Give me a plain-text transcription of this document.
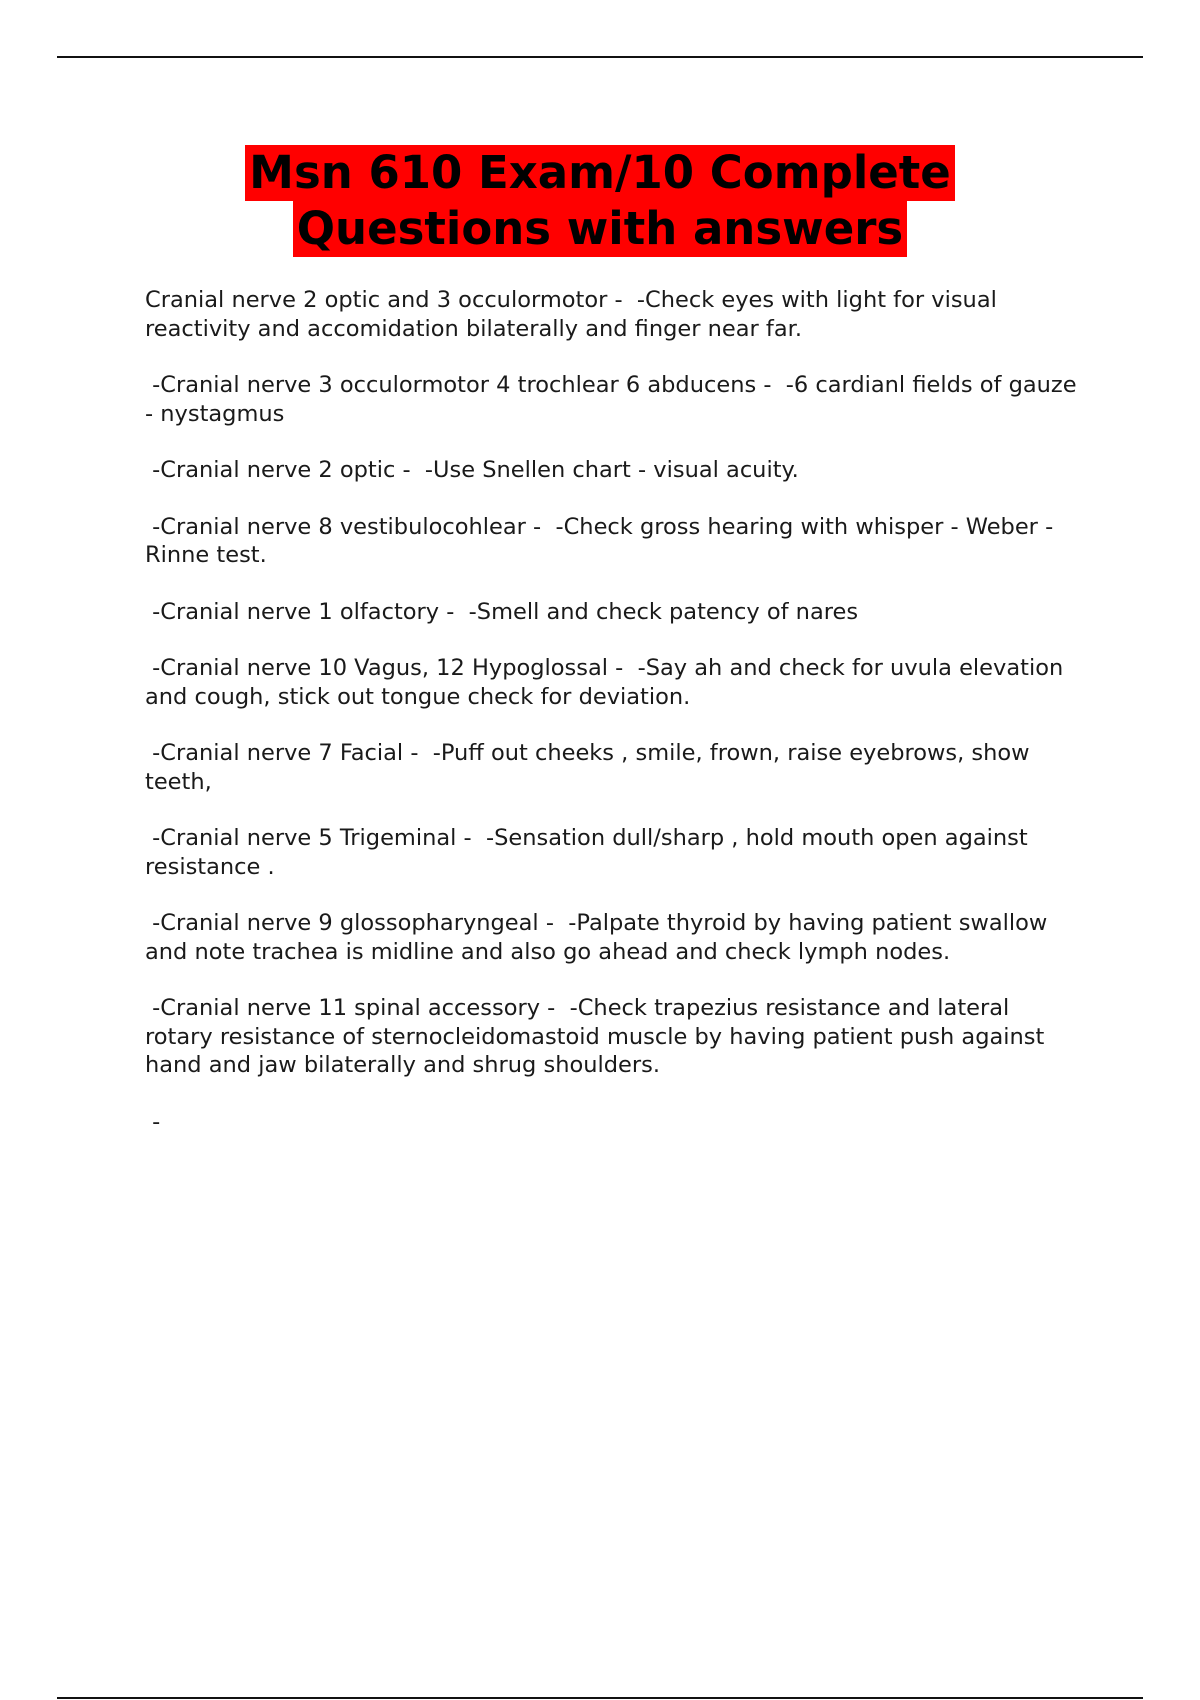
Msn 610 Exam/10 Complete
Questions with answers

Cranial nerve 2 optic and 3 occulormotor -  -Check eyes with light for visual reactivity and accomidation bilaterally and finger near far.

-Cranial nerve 3 occulormotor 4 trochlear 6 abducens -  -6 cardianl fields of gauze - nystagmus

-Cranial nerve 2 optic -  -Use Snellen chart - visual acuity.

-Cranial nerve 8 vestibulocohlear -  -Check gross hearing with whisper - Weber - Rinne test.

-Cranial nerve 1 olfactory -  -Smell and check patency of nares

-Cranial nerve 10 Vagus, 12 Hypoglossal -  -Say ah and check for uvula elevation and cough, stick out tongue check for deviation.

-Cranial nerve 7 Facial -  -Puff out cheeks , smile, frown, raise eyebrows, show teeth,

-Cranial nerve 5 Trigeminal -  -Sensation dull/sharp , hold mouth open against resistance .

-Cranial nerve 9 glossopharyngeal -  -Palpate thyroid by having patient swallow and note trachea is midline and also go ahead and check lymph nodes.

-Cranial nerve 11 spinal accessory -  -Check trapezius resistance and lateral rotary resistance of sternocleidomastoid muscle by having patient push against hand and jaw bilaterally and shrug shoulders.

-
